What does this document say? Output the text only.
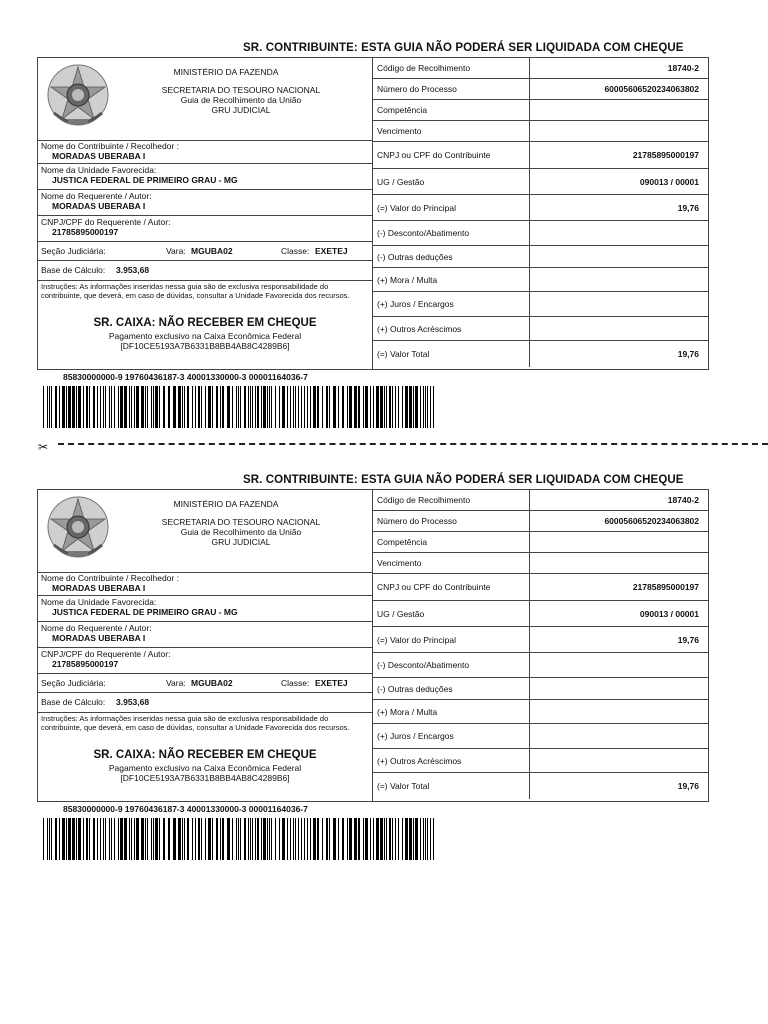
SR. CONTRIBUINTE: ESTA GUIA NÃO PODERÁ SER LIQUIDADA COM CHEQUE
MINISTÉRIO DA FAZENDA
SECRETARIA DO TESOURO NACIONAL
Guia de Recolhimento da União
GRU JUDICIAL
Nome do Contribuinte / Recolhedor :
MORADAS UBERABA I
Nome da Unidade Favorecida:
JUSTICA FEDERAL DE PRIMEIRO GRAU - MG
Nome do Requerente / Autor:
MORADAS UBERABA I
CNPJ/CPF do Requerente / Autor:
21785895000197
Seção Judiciária:	Vara: MGUBA02	Classe: EXETEJ
Base de Cálculo: 3.953,68
Instruções: As informações inseridas nessa guia são de exclusiva responsabilidade do contribuinte, que deverá, em caso de dúvidas, consultar a Unidade Favorecida dos recursos.
SR. CAIXA: NÃO RECEBER EM CHEQUE
Pagamento exclusivo na Caixa Econômica Federal
[DF10CE5193A7B6331B8BB4AB8C4289B6]
Código de Recolhimento	18740-2
Número do Processo	60005606520234063802
Competência
Vencimento
CNPJ ou CPF do Contribuinte	21785895000197
UG / Gestão	090013 / 00001
(=) Valor do Principal	19,76
(-) Desconto/Abatimento
(-) Outras deduções
(+) Mora / Multa
(+) Juros / Encargos
(+) Outros Acréscimos
(=) Valor Total	19,76
85830000000-9 19760436187-3 40001330000-3 00001164036-7
SR. CONTRIBUINTE: ESTA GUIA NÃO PODERÁ SER LIQUIDADA COM CHEQUE
MINISTÉRIO DA FAZENDA
SECRETARIA DO TESOURO NACIONAL
Guia de Recolhimento da União
GRU JUDICIAL
Nome do Contribuinte / Recolhedor :
MORADAS UBERABA I
Nome da Unidade Favorecida:
JUSTICA FEDERAL DE PRIMEIRO GRAU - MG
Nome do Requerente / Autor:
MORADAS UBERABA I
CNPJ/CPF do Requerente / Autor:
21785895000197
Seção Judiciária:	Vara: MGUBA02	Classe: EXETEJ
Base de Cálculo: 3.953,68
Instruções: As informações inseridas nessa guia são de exclusiva responsabilidade do contribuinte, que deverá, em caso de dúvidas, consultar a Unidade Favorecida dos recursos.
SR. CAIXA: NÃO RECEBER EM CHEQUE
Pagamento exclusivo na Caixa Econômica Federal
[DF10CE5193A7B6331B8BB4AB8C4289B6]
Código de Recolhimento	18740-2
Número do Processo	60005606520234063802
Competência
Vencimento
CNPJ ou CPF do Contribuinte	21785895000197
UG / Gestão	090013 / 00001
(=) Valor do Principal	19,76
(-) Desconto/Abatimento
(-) Outras deduções
(+) Mora / Multa
(+) Juros / Encargos
(+) Outros Acréscimos
(=) Valor Total	19,76
85830000000-9 19760436187-3 40001330000-3 00001164036-7
✂
